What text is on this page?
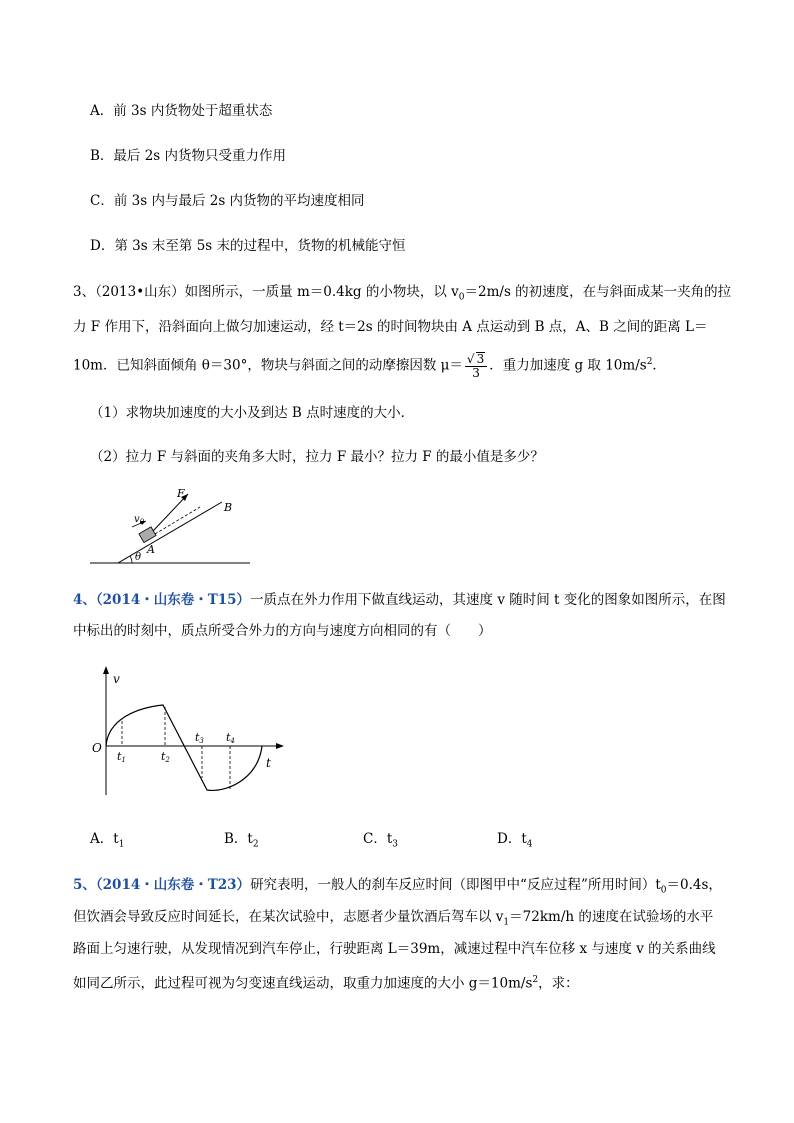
A．前 3s 内货物处于超重状态
B．最后 2s 内货物只受重力作用
C．前 3s 内与最后 2s 内货物的平均速度相同
D．第 3s 末至第 5s 末的过程中，货物的机械能守恒
3、（2013•山东）如图所示，一质量 m＝0.4kg 的小物块，以 $v_0=2m/s$ 的初速度，在与斜面成某一夹角的拉
力 F 作用下，沿斜面向上做匀加速运动，经 t＝2s 的时间物块由 A 点运动到 B 点，A、B 之间的距离 L＝
10m．已知斜面倾角 θ＝30°，物块与斜面之间的动摩擦因数 $\mu= \frac{√ 3}{3}$ ．重力加速度 g 取 $10m/s^2$．
（1）求物块加速度的大小及到达 B 点时速度的大小．
（2）拉力 F 与斜面的夹角多大时，拉力 F 最小？拉力 F 的最小值是多少？
F
B
A
θ
$v_0$
4、（2014・山东卷・T15）一质点在外力作用下做直线运动，其速度 v 随时间 t 变化的图象如图所示，在图
中标出的时刻中，质点所受合外力的方向与速度方向相同的有（　　）
v
t
O
t1	t2
t3 t4
A．$t_1$	B．$t_2$	C．$t_3$	D．$t_4$
5、（2014・山东卷・T23）研究表明，一般人的刹车反应时间（即图甲中“反应过程”所用时间）$t_0=0.4s$，
但饮酒会导致反应时间延长，在某次试验中，志愿者少量饮酒后驾车以 $v_1=72km/h$ 的速度在试验场的水平
路面上匀速行驶，从发现情况到汽车停止，行驶距离 L＝39m，减速过程中汽车位移 x 与速度 v 的关系曲线
如同乙所示，此过程可视为匀变速直线运动，取重力加速度的大小 $g=10m/s^2$，求：
